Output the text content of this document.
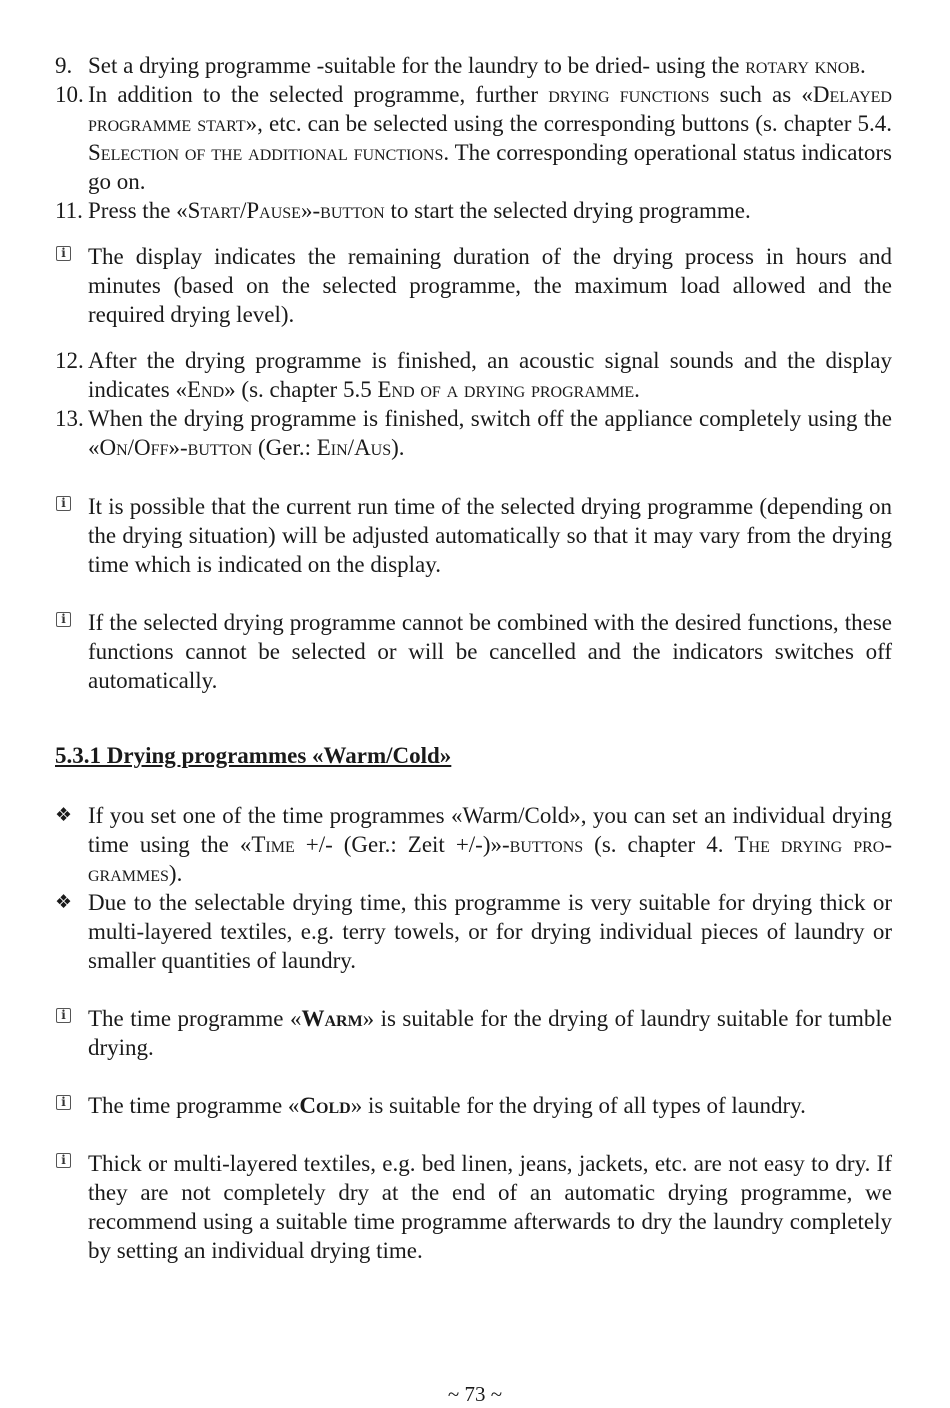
9. Set a drying programme -suitable for the laundry to be dried- using the rotary knob.
10. In addition to the selected programme, further drying functions such as «Delayed programme start», etc. can be selected using the corresponding buttons (s. chapter 5.4. Selection of the additional functions. The corresponding operational status indicators go on.
11. Press the «Start/Pause»-button to start the selected drying programme.
i The display indicates the remaining duration of the drying process in hours and minutes (based on the selected programme, the maximum load allowed and the required drying level).
12. After the drying programme is finished, an acoustic signal sounds and the display indicates «End» (s. chapter 5.5 End of a drying programme.
13. When the drying programme is finished, switch off the appliance completely using the «On/Off»-button (Ger.: Ein/Aus).
i It is possible that the current run time of the selected drying programme (depending on the drying situation) will be adjusted automatically so that it may vary from the drying time which is indicated on the display.
i If the selected drying programme cannot be combined with the desired functions, these functions cannot be selected or will be cancelled and the indicators switches off automatically.
5.3.1 Drying programmes «Warm/Cold»
❖ If you set one of the time programmes «Warm/Cold», you can set an individual drying time using the «Time +/- (Ger.: Zeit +/-)»-buttons (s. chapter 4. The drying pro-grammes).
❖ Due to the selectable drying time, this programme is very suitable for drying thick or multi-layered textiles, e.g. terry towels, or for drying individual pieces of laundry or smaller quantities of laundry.
i The time programme «Warm» is suitable for the drying of laundry suitable for tumble drying.
i The time programme «Cold» is suitable for the drying of all types of laundry.
i Thick or multi-layered textiles, e.g. bed linen, jeans, jackets, etc. are not easy to dry. If they are not completely dry at the end of an automatic drying programme, we recommend using a suitable time programme afterwards to dry the laundry completely by setting an individual drying time.
~ 73 ~
